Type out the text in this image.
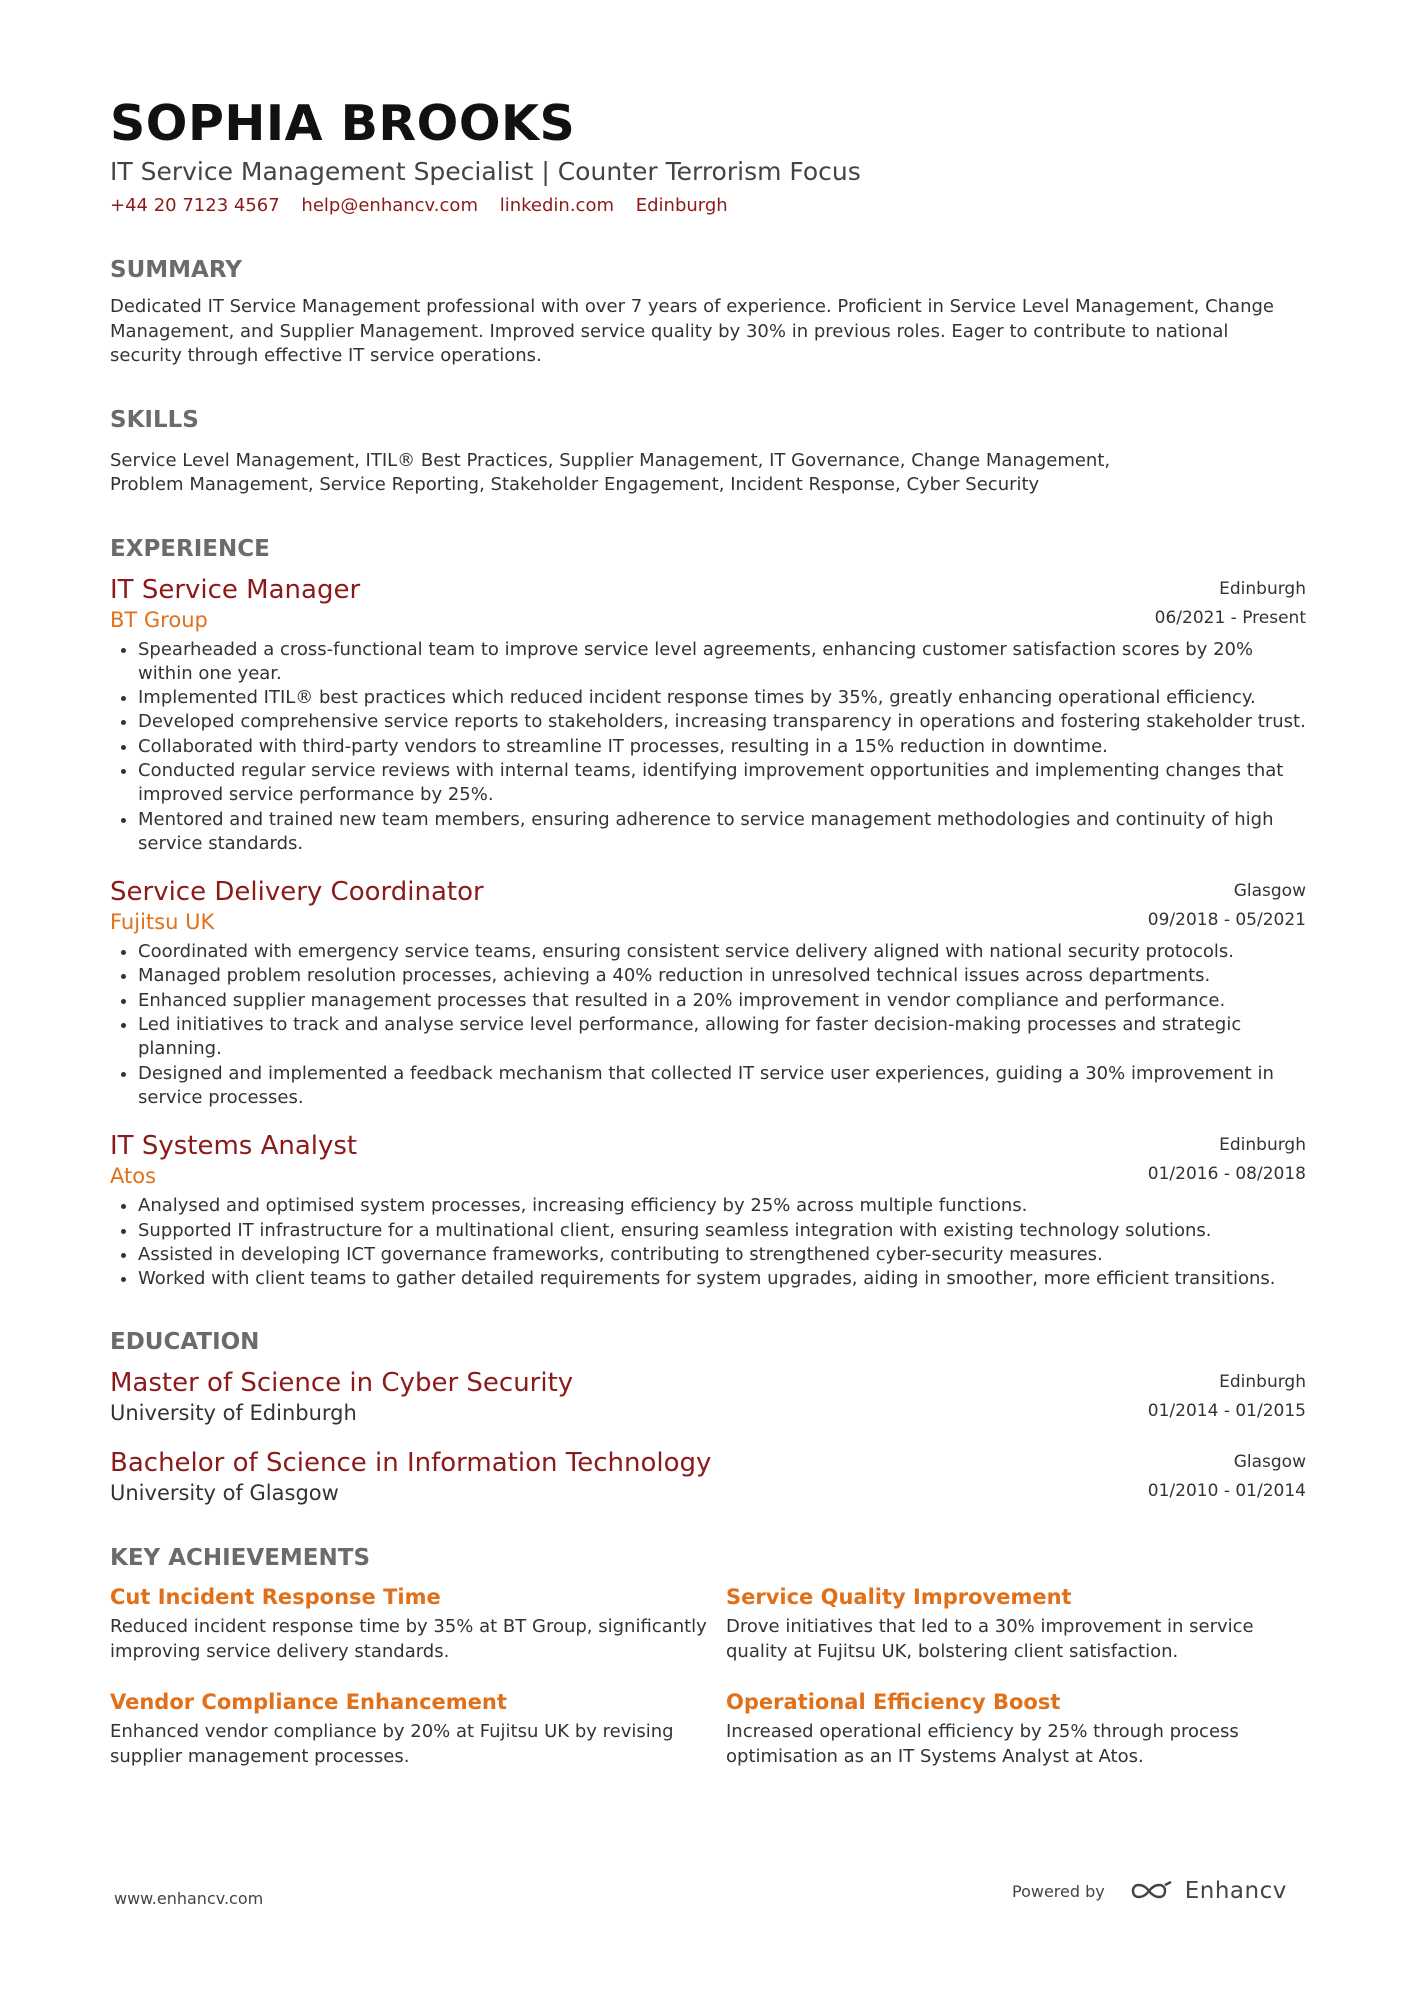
SOPHIA BROOKS
IT Service Management Specialist | Counter Terrorism Focus
+44 20 7123 4567 help@enhancv.com linkedin.com Edinburgh
SUMMARY
Dedicated IT Service Management professional with over 7 years of experience. Proficient in Service Level Management, Change Management, and Supplier Management. Improved service quality by 30% in previous roles. Eager to contribute to national security through effective IT service operations.
SKILLS
Service Level Management, ITIL® Best Practices, Supplier Management, IT Governance, Change Management,
Problem Management, Service Reporting, Stakeholder Engagement, Incident Response, Cyber Security
EXPERIENCE
IT Service Manager
BT Group
Edinburgh
06/2021 - Present
• Spearheaded a cross-functional team to improve service level agreements, enhancing customer satisfaction scores by 20% within one year.
• Implemented ITIL® best practices which reduced incident response times by 35%, greatly enhancing operational efficiency.
• Developed comprehensive service reports to stakeholders, increasing transparency in operations and fostering stakeholder trust.
• Collaborated with third-party vendors to streamline IT processes, resulting in a 15% reduction in downtime.
• Conducted regular service reviews with internal teams, identifying improvement opportunities and implementing changes that improved service performance by 25%.
• Mentored and trained new team members, ensuring adherence to service management methodologies and continuity of high service standards.
Service Delivery Coordinator
Fujitsu UK
Glasgow
09/2018 - 05/2021
• Coordinated with emergency service teams, ensuring consistent service delivery aligned with national security protocols.
• Managed problem resolution processes, achieving a 40% reduction in unresolved technical issues across departments.
• Enhanced supplier management processes that resulted in a 20% improvement in vendor compliance and performance.
• Led initiatives to track and analyse service level performance, allowing for faster decision-making processes and strategic planning.
• Designed and implemented a feedback mechanism that collected IT service user experiences, guiding a 30% improvement in service processes.
IT Systems Analyst
Atos
Edinburgh
01/2016 - 08/2018
• Analysed and optimised system processes, increasing efficiency by 25% across multiple functions.
• Supported IT infrastructure for a multinational client, ensuring seamless integration with existing technology solutions.
• Assisted in developing ICT governance frameworks, contributing to strengthened cyber-security measures.
• Worked with client teams to gather detailed requirements for system upgrades, aiding in smoother, more efficient transitions.
EDUCATION
Master of Science in Cyber Security
University of Edinburgh
Edinburgh
01/2014 - 01/2015
Bachelor of Science in Information Technology
University of Glasgow
Glasgow
01/2010 - 01/2014
KEY ACHIEVEMENTS
Cut Incident Response Time
Reduced incident response time by 35% at BT Group, significantly improving service delivery standards.
Service Quality Improvement
Drove initiatives that led to a 30% improvement in service quality at Fujitsu UK, bolstering client satisfaction.
Vendor Compliance Enhancement
Enhanced vendor compliance by 20% at Fujitsu UK by revising supplier management processes.
Operational Efficiency Boost
Increased operational efficiency by 25% through process optimisation as an IT Systems Analyst at Atos.
www.enhancv.com	Powered by	Enhancv
